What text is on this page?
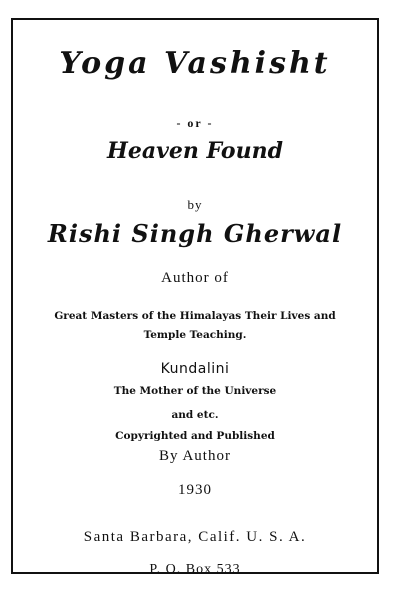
Yoga Vashisht
- or -
Heaven Found
by
Rishi Singh Gherwal
Author of
Great Masters of the Himalayas Their Lives and
Temple Teaching.
Kundalini
The Mother of the Universe
and etc.
Copyrighted and Published
By Author
1930
Santa Barbara, Calif. U. S. A.
P. O. Box 533
